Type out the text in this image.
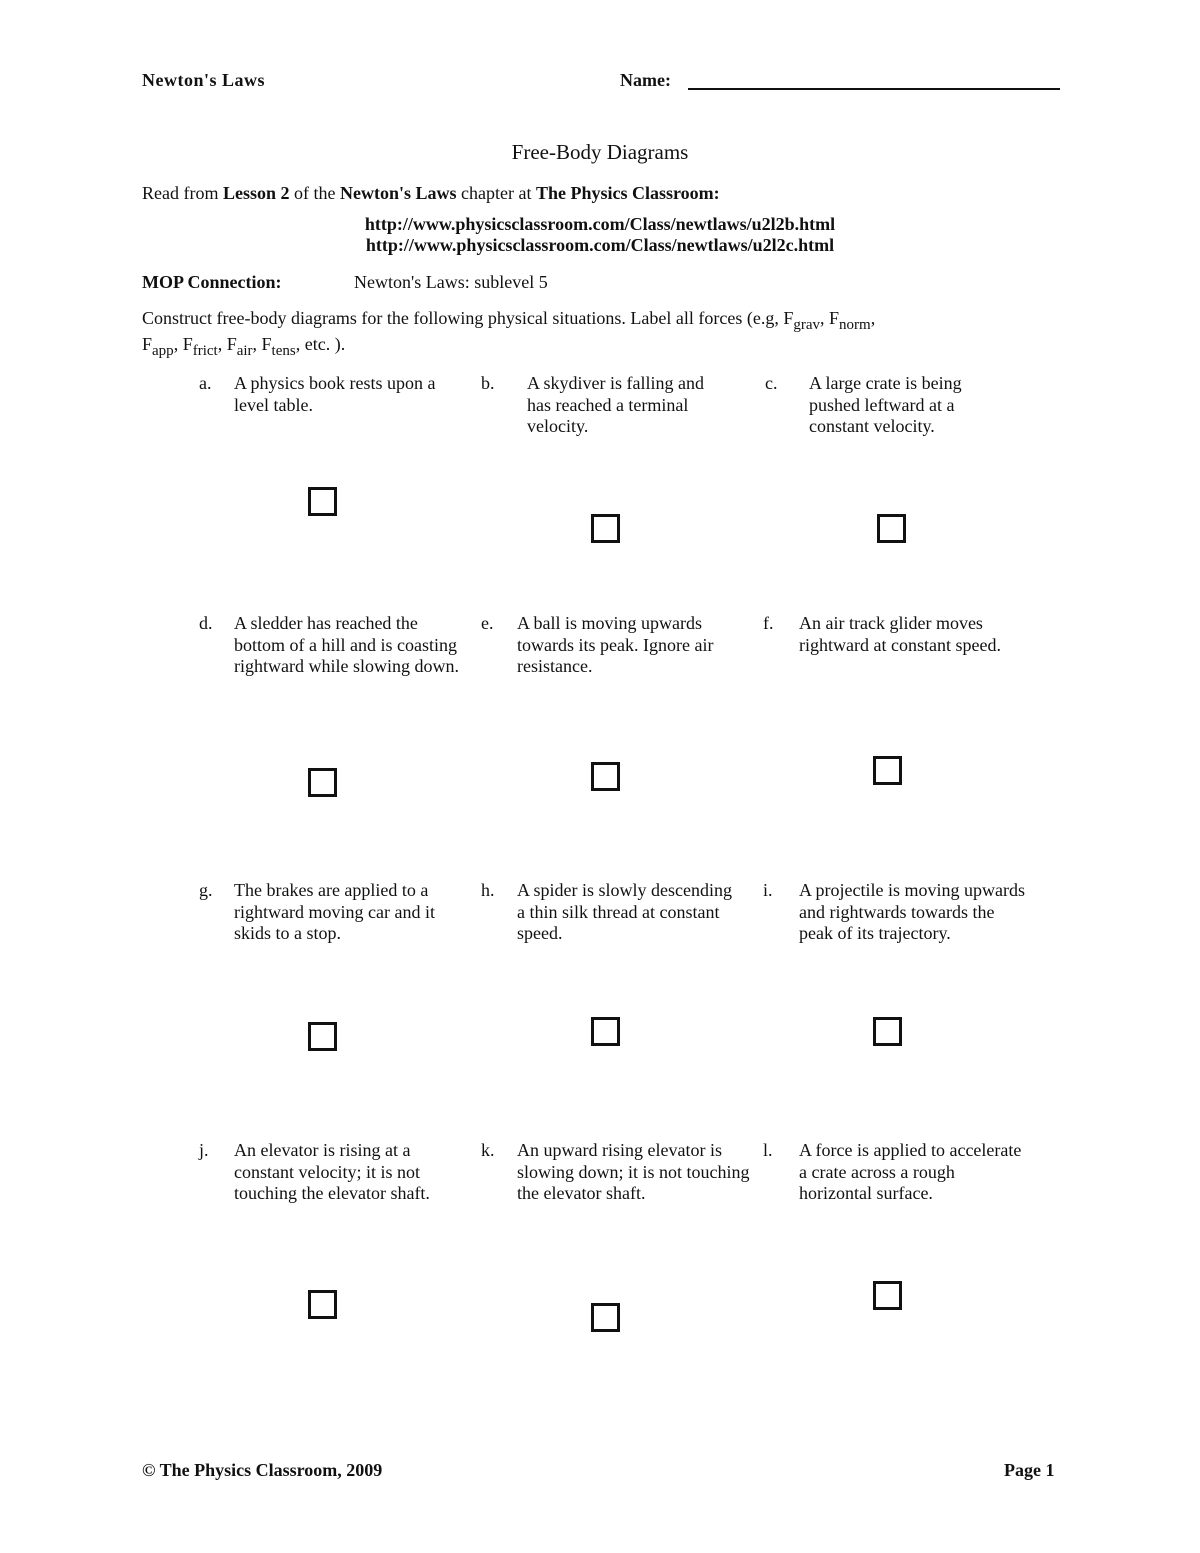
Newton's Laws	Name:
Free-Body Diagrams
Read from Lesson 2 of the Newton's Laws chapter at The Physics Classroom:
http://www.physicsclassroom.com/Class/newtlaws/u2l2b.html
http://www.physicsclassroom.com/Class/newtlaws/u2l2c.html
MOP Connection:	Newton's Laws: sublevel 5
Construct free-body diagrams for the following physical situations. Label all forces (e.g, $F_{grav}$, $F_{norm}$,
$F_{app}$, $F_{frict}$, $F_{air}$, $F_{tens}$, etc. ).
a. A physics book rests upon a level table.
b. A skydiver is falling and has reached a terminal velocity.
c. A large crate is being pushed leftward at a constant velocity.
d. A sledder has reached the bottom of a hill and is coasting rightward while slowing down.
e. A ball is moving upwards towards its peak. Ignore air resistance.
f. An air track glider moves rightward at constant speed.
g. The brakes are applied to a rightward moving car and it skids to a stop.
h. A spider is slowly descending a thin silk thread at constant speed.
i. A projectile is moving upwards and rightwards towards the peak of its trajectory.
j. An elevator is rising at a constant velocity; it is not touching the elevator shaft.
k. An upward rising elevator is slowing down; it is not touching the elevator shaft.
l. A force is applied to accelerate a crate across a rough horizontal surface.
© The Physics Classroom, 2009	Page 1
